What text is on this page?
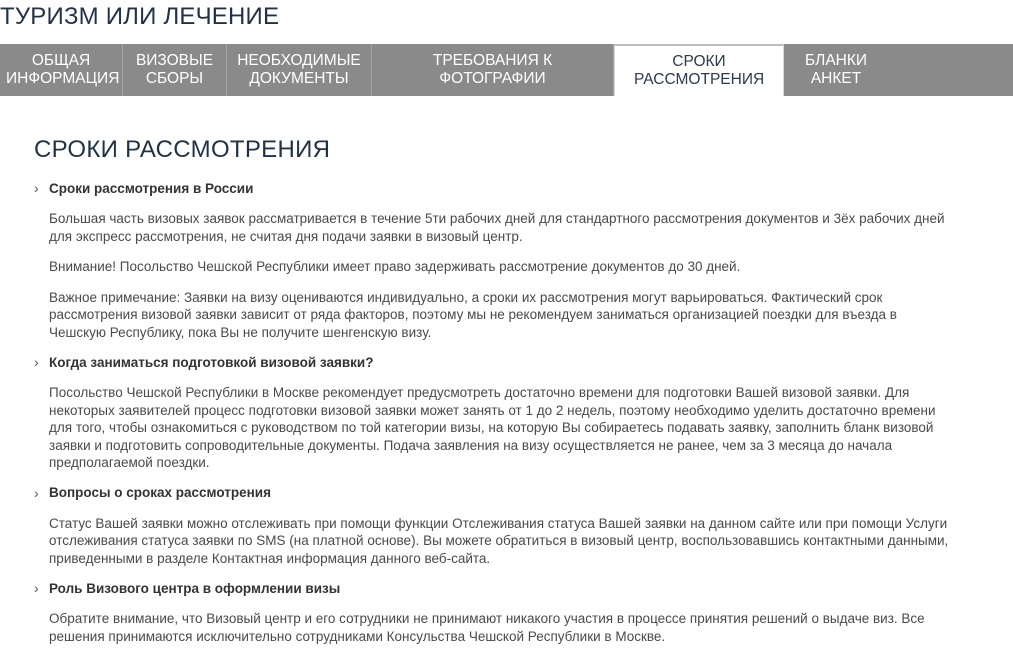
ТУРИЗМ ИЛИ ЛЕЧЕНИЕ
ОБЩАЯ ИНФОРМАЦИЯ
ВИЗОВЫЕ СБОРЫ
НЕОБХОДИМЫЕ ДОКУМЕНТЫ
ТРЕБОВАНИЯ К ФОТОГРАФИИ
СРОКИ РАССМОТРЕНИЯ
БЛАНКИ АНКЕТ
СРОКИ РАССМОТРЕНИЯ
› Сроки рассмотрения в России

Большая часть визовых заявок рассматривается в течение 5ти рабочих дней для стандартного рассмотрения документов и 3ёх рабочих дней для экспресс рассмотрения, не считая дня подачи заявки в визовый центр.

Внимание! Посольство Чешской Республики имеет право задерживать рассмотрение документов до 30 дней.

Важное примечание: Заявки на визу оцениваются индивидуально, а сроки их рассмотрения могут варьироваться. Фактический срок рассмотрения визовой заявки зависит от ряда факторов, поэтому мы не рекомендуем заниматься организацией поездки для въезда в Чешскую Республику, пока Вы не получите шенгенскую визу.

› Когда заниматься подготовкой визовой заявки?

Посольство Чешской Республики в Москве рекомендует предусмотреть достаточно времени для подготовки Вашей визовой заявки. Для некоторых заявителей процесс подготовки визовой заявки может занять от 1 до 2 недель, поэтому необходимо уделить достаточно времени для того, чтобы ознакомиться с руководством по той категории визы, на которую Вы собираетесь подавать заявку, заполнить бланк визовой заявки и подготовить сопроводительные документы. Подача заявления на визу осуществляется не ранее, чем за 3 месяца до начала предполагаемой поездки.

› Вопросы о сроках рассмотрения

Статус Вашей заявки можно отслеживать при помощи функции Отслеживания статуса Вашей заявки на данном сайте или при помощи Услуги отслеживания статуса заявки по SMS (на платной основе). Вы можете обратиться в визовый центр, воспользовавшись контактными данными, приведенными в разделе Контактная информация данного веб-сайта.

› Роль Визового центра в оформлении визы

Обратите внимание, что Визовый центр и его сотрудники не принимают никакого участия в процессе принятия решений о выдаче виз. Все решения принимаются исключительно сотрудниками Консульства Чешской Республики в Москве.
